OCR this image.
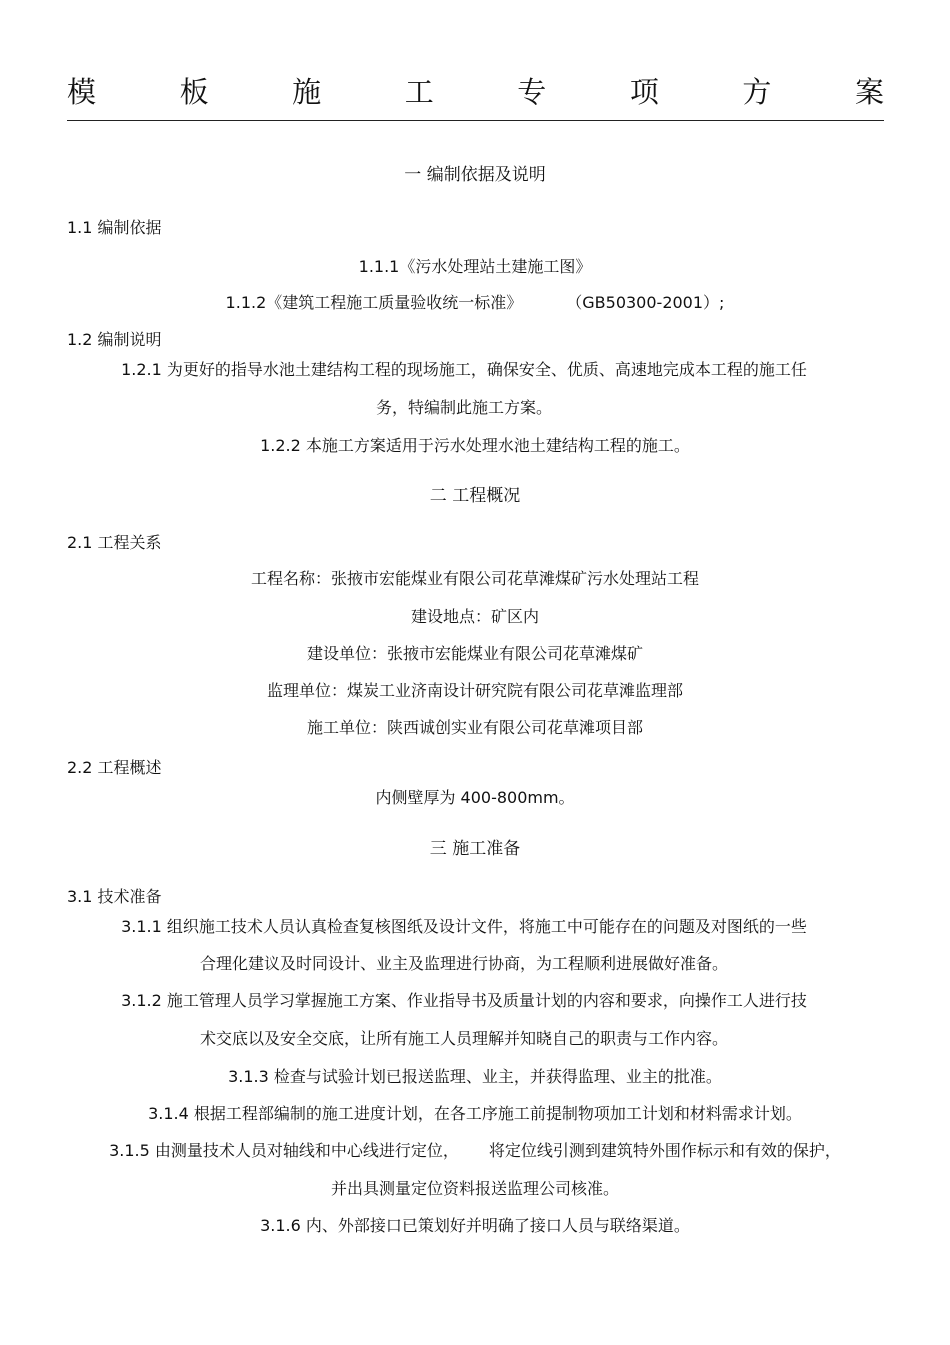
模	板	施	工	专	项	方	案
一 编制依据及说明
1.1 编制依据
1.1.1《污水处理站土建施工图》
1.1.2《建筑工程施工质量验收统一标准》	（GB50300-2001）;
1.2 编制说明
1.2.1 为更好的指导水池土建结构工程的现场施工，确保安全、优质、高速地完成本工程的施工任
务，特编制此施工方案。
1.2.2 本施工方案适用于污水处理水池土建结构工程的施工。
二 工程概况
2.1 工程关系
工程名称：张掖市宏能煤业有限公司花草滩煤矿污水处理站工程
建设地点：矿区内
建设单位：张掖市宏能煤业有限公司花草滩煤矿
监理单位：煤炭工业济南设计研究院有限公司花草滩监理部
施工单位：陕西诚创实业有限公司花草滩项目部
2.2 工程概述
内侧壁厚为 400-800mm。
三 施工准备
3.1 技术准备
3.1.1 组织施工技术人员认真检查复核图纸及设计文件，将施工中可能存在的问题及对图纸的一些
合理化建议及时同设计、业主及监理进行协商，为工程顺利进展做好准备。
3.1.2 施工管理人员学习掌握施工方案、作业指导书及质量计划的内容和要求，向操作工人进行技
术交底以及安全交底，让所有施工人员理解并知晓自己的职责与工作内容。
3.1.3 检查与试验计划已报送监理、业主，并获得监理、业主的批准。
3.1.4 根据工程部编制的施工进度计划，在各工序施工前提制物项加工计划和材料需求计划。
3.1.5 由测量技术人员对轴线和中心线进行定位， 将定位线引测到建筑特外围作标示和有效的保护，
并出具测量定位资料报送监理公司核准。
3.1.6 内、外部接口已策划好并明确了接口人员与联络渠道。
